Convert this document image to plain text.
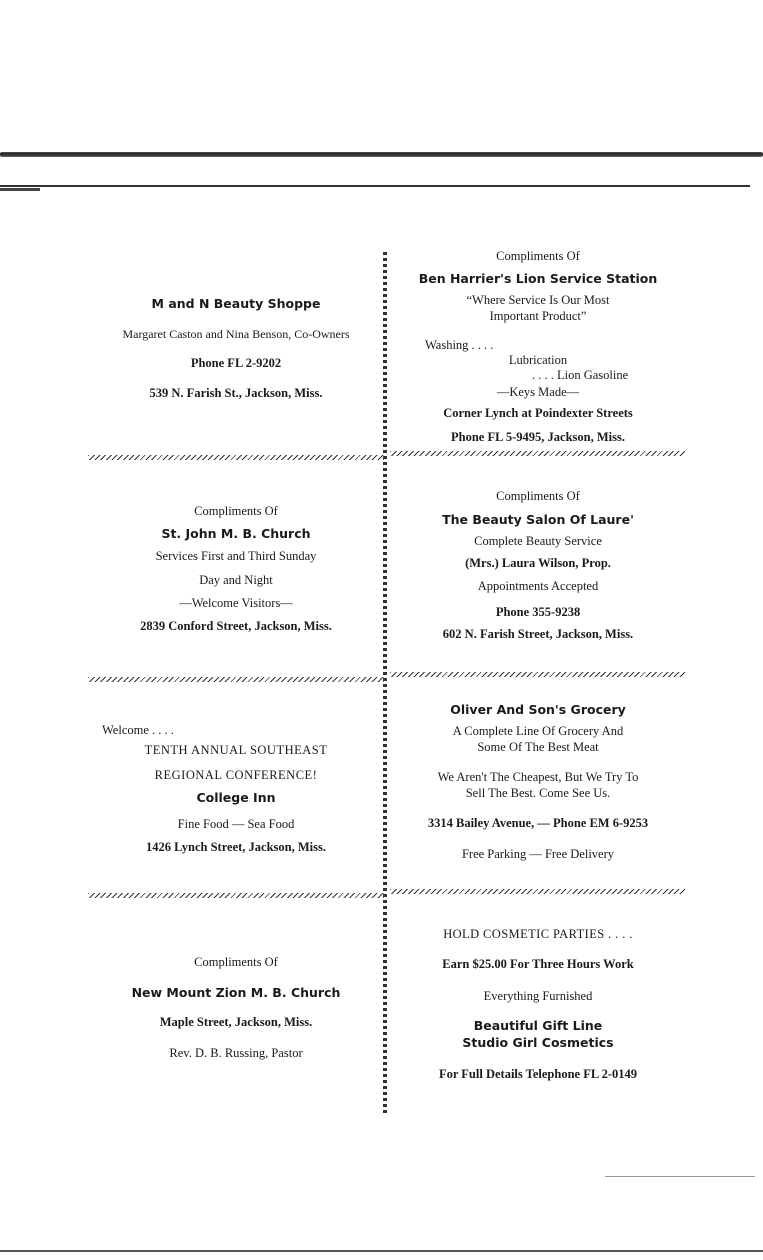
M and N Beauty Shoppe

Margaret Caston and Nina Benson, Co-Owners

Phone FL 2-9202

539 N. Farish St., Jackson, Miss.

Compliments Of

Ben Harrier's Lion Service Station

“Where Service Is Our Most

Important Product”

Washing . . . .

Lubrication

. . . . Lion Gasoline

—Keys Made—

Corner Lynch at Poindexter Streets

Phone FL 5-9495, Jackson, Miss.

Compliments Of

St. John M. B. Church

Services First and Third Sunday

Day and Night

—Welcome Visitors—

2839 Conford Street, Jackson, Miss.

Compliments Of

The Beauty Salon Of Laure'

Complete Beauty Service

(Mrs.) Laura Wilson, Prop.

Appointments Accepted

Phone 355-9238

602 N. Farish Street, Jackson, Miss.

Welcome . . . .

TENTH ANNUAL SOUTHEAST

REGIONAL CONFERENCE!

College Inn

Fine Food — Sea Food

1426 Lynch Street, Jackson, Miss.

Oliver And Son's Grocery

A Complete Line Of Grocery And

Some Of The Best Meat

We Aren't The Cheapest, But We Try To

Sell The Best. Come See Us.

3314 Bailey Avenue, — Phone EM 6-9253

Free Parking — Free Delivery

Compliments Of

New Mount Zion M. B. Church

Maple Street, Jackson, Miss.

Rev. D. B. Russing, Pastor

HOLD COSMETIC PARTIES . . . .

Earn $25.00 For Three Hours Work

Everything Furnished

Beautiful Gift Line

Studio Girl Cosmetics

For Full Details Telephone FL 2-0149
